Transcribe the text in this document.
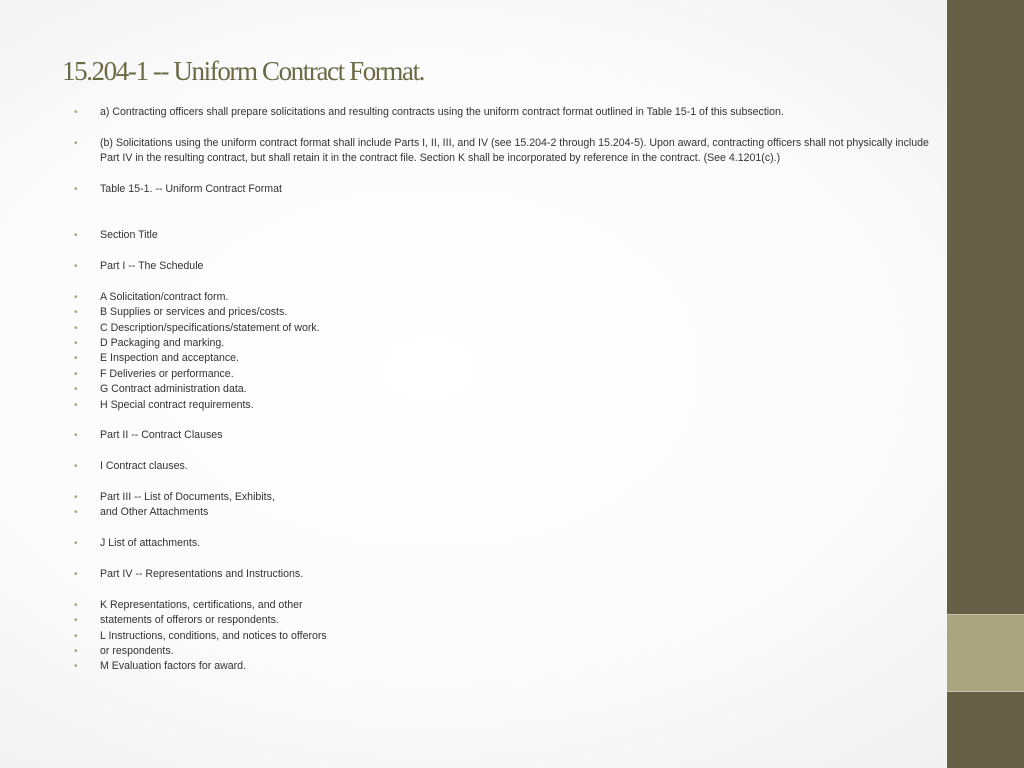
15.204-1 -- Uniform Contract Format.
• a) Contracting officers shall prepare solicitations and resulting contracts using the uniform contract format outlined in Table 15-1 of this subsection.
• (b) Solicitations using the uniform contract format shall include Parts I, II, III, and IV (see 15.204-2 through 15.204-5). Upon award, contracting officers shall not physically include Part IV in the resulting contract, but shall retain it in the contract file. Section K shall be incorporated by reference in the contract. (See 4.1201(c).)
• Table 15-1. -- Uniform Contract Format
• Section Title
• Part I -- The Schedule
• A Solicitation/contract form.
• B Supplies or services and prices/costs.
• C Description/specifications/statement of work.
• D Packaging and marking.
• E Inspection and acceptance.
• F Deliveries or performance.
• G Contract administration data.
• H Special contract requirements.
• Part II -- Contract Clauses
• I Contract clauses.
• Part III -- List of Documents, Exhibits,
• and Other Attachments
• J List of attachments.
• Part IV -- Representations and Instructions.
• K Representations, certifications, and other
• statements of offerors or respondents.
• L Instructions, conditions, and notices to offerors
• or respondents.
• M Evaluation factors for award.
